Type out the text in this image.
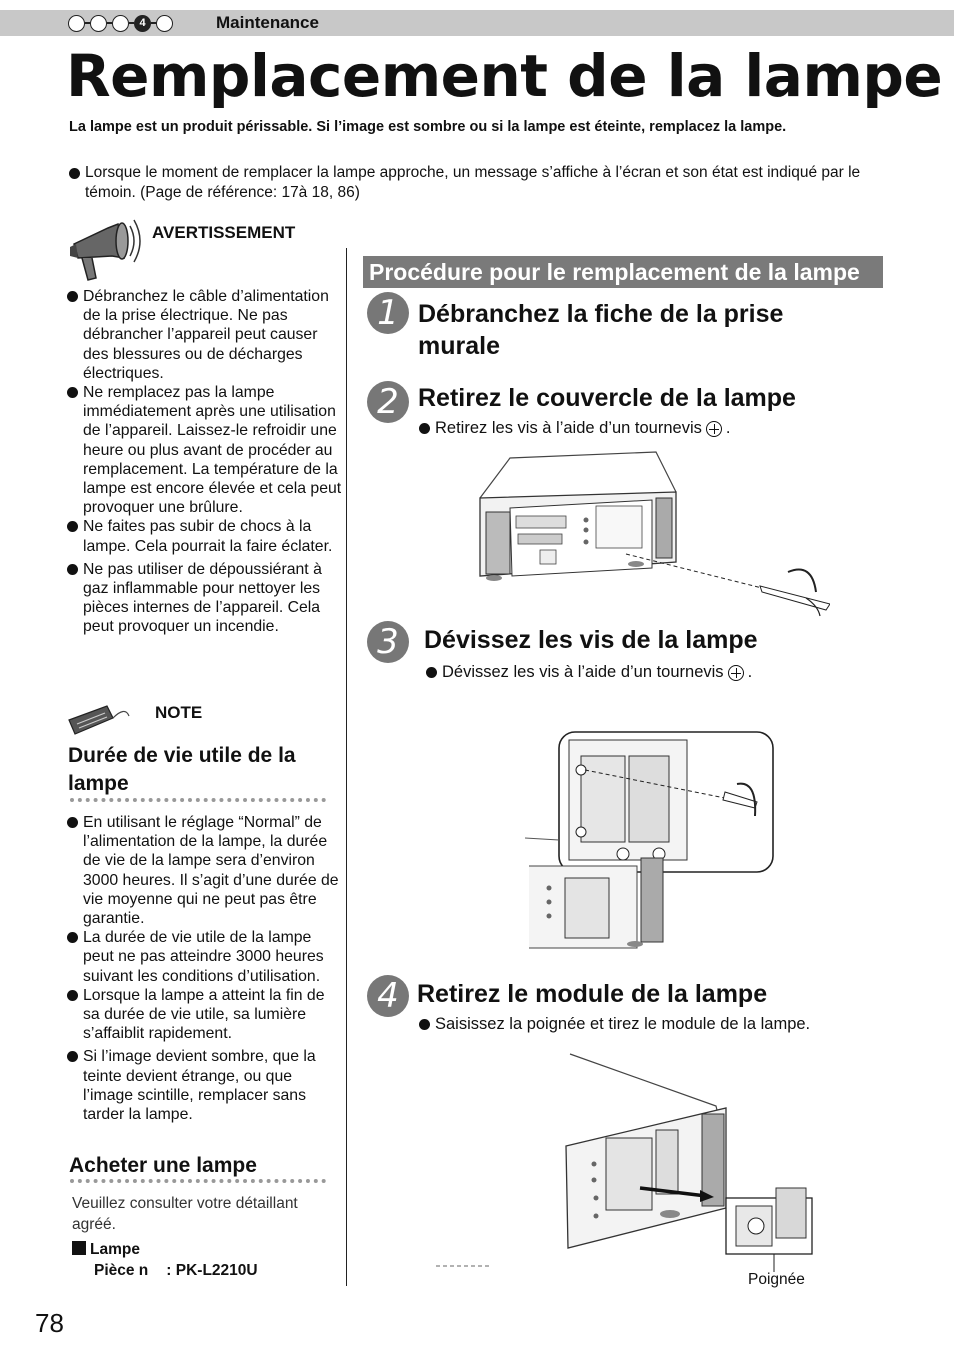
4	Maintenance
Remplacement de la lampe

La lampe est un produit périssable. Si l’image est sombre ou si la lampe est éteinte, remplacez la lampe.

Lorsque le moment de remplacer la lampe approche, un message s’affiche à l’écran et son état est indiqué par le témoin. (Page de référence: 17à 18, 86)
AVERTISSEMENT
Débranchez le câble d’alimentation de la prise électrique. Ne pas débrancher l’appareil peut causer des blessures ou de décharges électriques.
Ne remplacez pas la lampe immédiatement après une utilisation de l’appareil. Laissez-le refroidir une heure ou plus avant de procéder au remplacement. La température de la lampe est encore élevée et cela peut provoquer une brûlure.
Ne faites pas subir de chocs à la lampe. Cela pourrait la faire éclater.
Ne pas utiliser de dépoussiérant à gaz inflammable pour nettoyer les pièces internes de l’appareil. Cela peut provoquer un incendie.
NOTE
Durée de vie utile de la lampe
En utilisant le réglage “Normal” de l’alimentation de la lampe, la durée de vie de la lampe sera d’environ 3000 heures. Il s’agit d’une durée de vie moyenne qui ne peut pas être garantie.
La durée de vie utile de la lampe peut ne pas atteindre 3000 heures suivant les conditions d’utilisation.
Lorsque la lampe a atteint la fin de sa durée de vie utile, sa lumière s’affaiblit rapidement.
Si l’image devient sombre, que la teinte devient étrange, ou que l’image scintille, remplacer sans tarder la lampe.
Acheter une lampe

Veuillez consulter votre détaillant agréé.

Lampe
Pièce n : PK-L2210U
Procédure pour le remplacement de la lampe
1 Débranchez la fiche de la prise murale
2 Retirez le couvercle de la lampe
Retirez les vis à l’aide d’un tournevis .
3	Dévissez les vis de la lampe
Dévissez les vis à l’aide d’un tournevis .
4 Retirez le module de la lampe
Saisissez la poignée et tirez le module de la lampe.
Poignée
78
